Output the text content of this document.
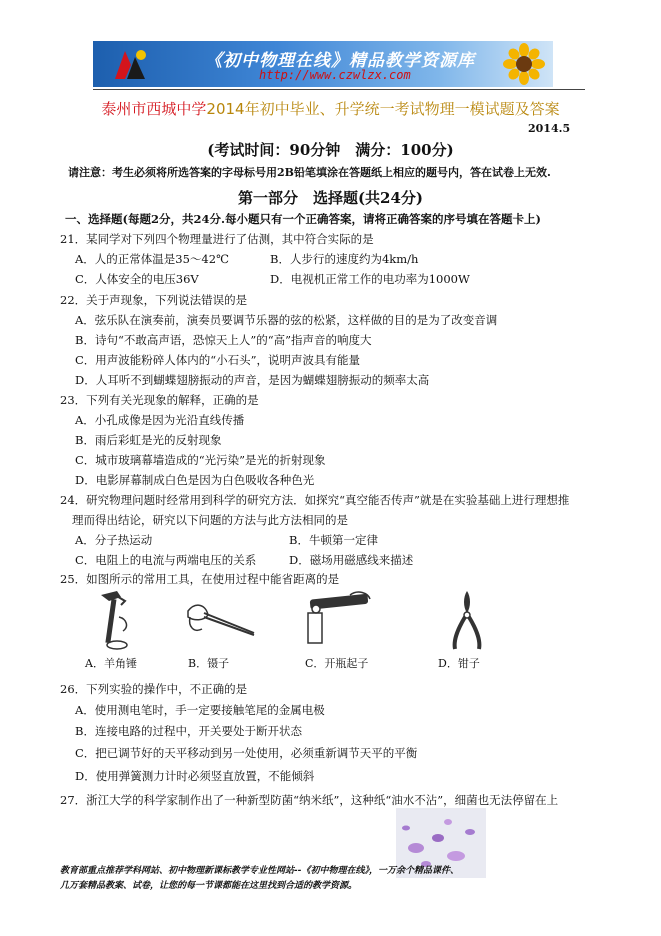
《初中物理在线》精品教学资源库
http://www.czwlzx.com
泰州市西城中学2014年初中毕业、升学统一考试物理一模试题及答案
2014.5
(考试时间：90分钟　满分：100分)
请注意：考生必须将所选答案的字母标号用2B铅笔填涂在答题纸上相应的题号内，答在试卷上无效.
第一部分　选择题(共24分)
一、选择题(每题2分，共24分.每小题只有一个正确答案，请将正确答案的序号填在答题卡上)
21．某同学对下列四个物理量进行了估测，其中符合实际的是
A．人的正常体温是35～42℃	B．人步行的速度约为4km/h
C．人体安全的电压36V	D．电视机正常工作的电功率为1000W
22．关于声现象，下列说法错误的是
A．弦乐队在演奏前，演奏员要调节乐器的弦的松紧，这样做的目的是为了改变音调
B．诗句“不敢高声语，恐惊天上人”的“高”指声音的响度大
C．用声波能粉碎人体内的“小石头”，说明声波具有能量
D．人耳听不到蝴蝶翅膀振动的声音，是因为蝴蝶翅膀振动的频率太高
23．下列有关光现象的解释，正确的是
A．小孔成像是因为光沿直线传播
B．雨后彩虹是光的反射现象
C．城市玻璃幕墙造成的“光污染”是光的折射现象
D．电影屏幕制成白色是因为白色吸收各种色光
24．研究物理问题时经常用到科学的研究方法．如探究“真空能否传声”就是在实验基础上进行理想推
理而得出结论，研究以下问题的方法与此方法相同的是
A．分子热运动	B．牛顿第一定律
C．电阻上的电流与两端电压的关系	D．磁场用磁感线来描述
25．如图所示的常用工具，在使用过程中能省距离的是
A．羊角锤	B．镊子	C．开瓶起子	D．钳子
26．下列实验的操作中，不正确的是
A．使用测电笔时，手一定要接触笔尾的金属电极
B．连接电路的过程中，开关要处于断开状态
C．把已调节好的天平移动到另一处使用，必须重新调节天平的平衡
D．使用弹簧测力计时必须竖直放置，不能倾斜
27．浙江大学的科学家制作出了一种新型防菌“纳米纸”，这种纸“油水不沾”，细菌也无法停留在上
教育部重点推荐学科网站、初中物理新课标教学专业性网站--《初中物理在线》，一万余个精品课件、
几万套精品教案、试卷，让您的每一节课都能在这里找到合适的教学资源。
